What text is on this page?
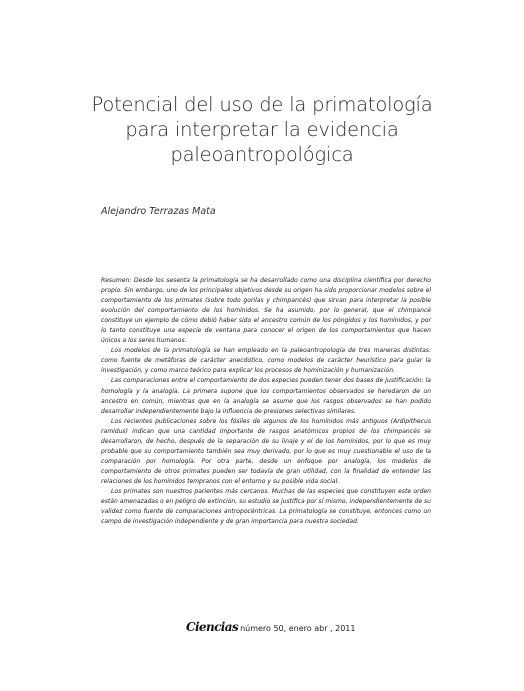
Potencial del uso de la primatología
para interpretar la evidencia
paleoantropológica
Alejandro Terrazas Mata

Resumen: Desde los sesenta la primatología se ha desarrollado como una disciplina científica por derecho propio. Sin embargo, uno de los principales objetivos desde su origen ha sido proporcionar modelos sobre el comportamiento de los primates (sobre todo gorilas y chimpancés) que sirvan para interpretar la posible evolución del comportamiento de los homínidos. Se ha asumido, por lo general, que el chimpancé constituye un ejemplo de cómo debió haber sido el ancestro común de los póngidos y los homínidos, y por lo tanto constituye una especie de ventana para conocer el origen de los comportamientos que hacen únicos a los seres humanos.

Los modelos de la primatología se han empleado en la paleoantropología de tres maneras distintas: como fuente de metáforas de carácter anecdótico, como modelos de carácter heurístico para guiar la investigación, y como marco teórico para explicar los procesos de hominización y humanización.

Las comparaciones entre el comportamiento de dos especies pueden tener dos bases de justificación: la homología y la analogía. La primera supone que los comportamientos observados se heredaron de un ancestro en común, mientras que en la analogía se asume que los rasgos observados se han podido desarrollar independientemente bajo la influencia de presiones selectivas similares.

Los recientes publicaciones sobre los fósiles de algunos de los homínidos más antiguos (Ardipithecus ramidus) indican que una cantidad importante de rasgos anatómicos propios de los chimpancés se desarrollaron, de hecho, después de la separación de su linaje y el de los homínidos, por lo que es muy probable que su comportamiento también sea muy derivado, por lo que es muy cuestionable el uso de la comparación por homología. Por otra parte, desde un enfoque por analogía, los modelos de comportamiento de otros primates pueden ser todavía de gran utilidad, con la finalidad de entender las relaciones de los homínidos tempranos con el entorno y su posible vida social.

Los primates son nuestros parientes más cercanos. Muchas de las especies que constituyen este orden están amenazadas o en peligro de extinción, su estudio se justifica por sí mismo, independientemente de su validez como fuente de comparaciones antropocéntricas. La primatología se constituye, entonces como un campo de investigación independiente y de gran importancia para nuestra sociedad.

Ciencias número 50, enero abr , 2011
